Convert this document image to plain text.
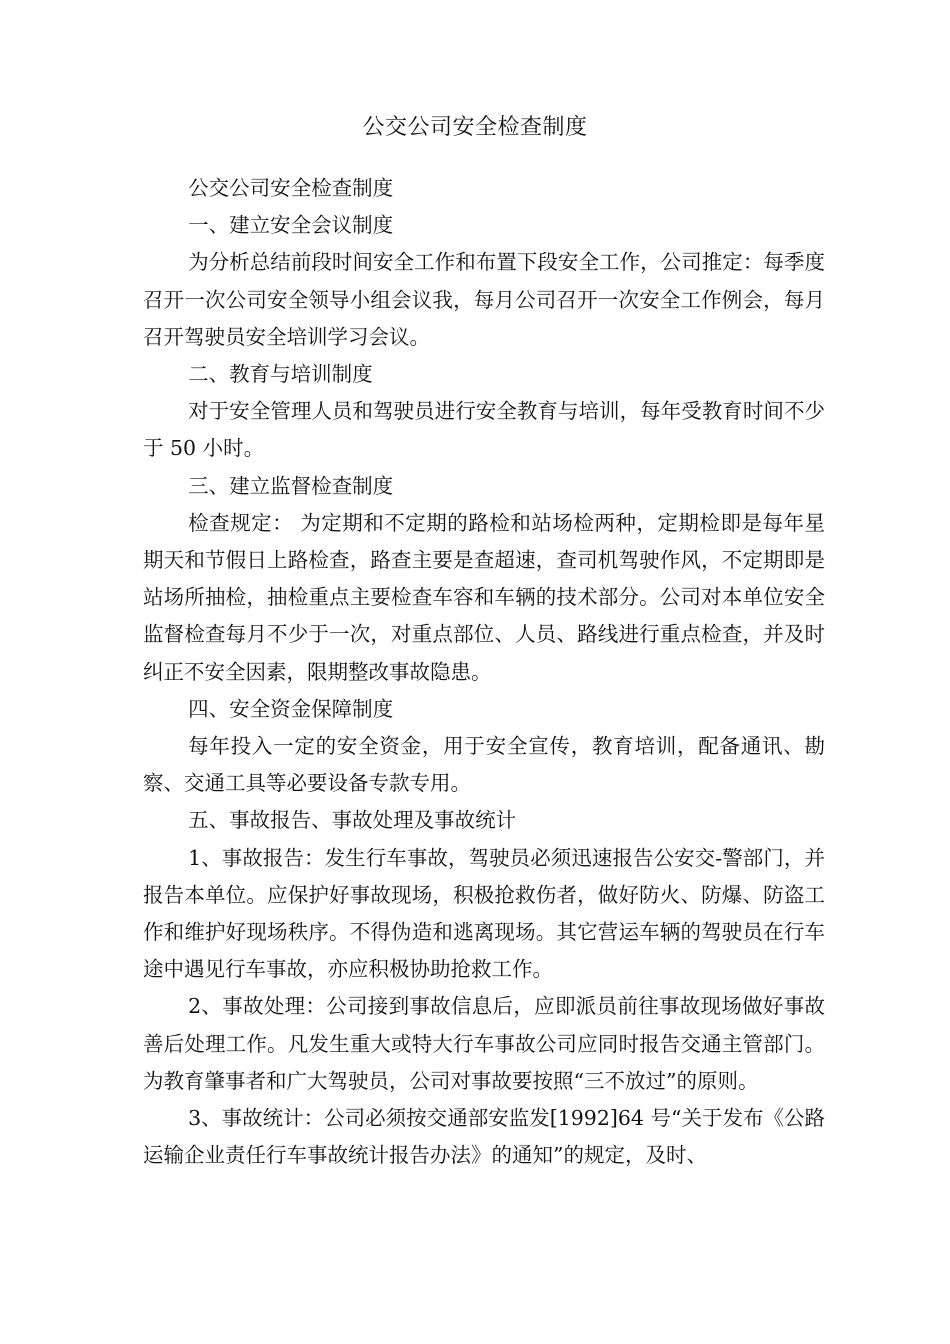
公交公司安全检查制度

公交公司安全检查制度

一、建立安全会议制度

为分析总结前段时间安全工作和布置下段安全工作，公司推定：每季度召开一次公司安全领导小组会议我，每月公司召开一次安全工作例会，每月召开驾驶员安全培训学习会议。

二、教育与培训制度

对于安全管理人员和驾驶员进行安全教育与培训，每年受教育时间不少于 50 小时。

三、建立监督检查制度

检查规定： 为定期和不定期的路检和站场检两种，定期检即是每年星期天和节假日上路检查，路查主要是查超速，查司机驾驶作风，不定期即是站场所抽检，抽检重点主要检查车容和车辆的技术部分。公司对本单位安全监督检查每月不少于一次，对重点部位、人员、路线进行重点检查，并及时纠正不安全因素，限期整改事故隐患。

四、安全资金保障制度

每年投入一定的安全资金，用于安全宣传，教育培训，配备通讯、勘察、交通工具等必要设备专款专用。

五、事故报告、事故处理及事故统计

1、事故报告：发生行车事故，驾驶员必须迅速报告公安交-警部门，并报告本单位。应保护好事故现场，积极抢救伤者，做好防火、防爆、防盗工作和维护好现场秩序。不得伪造和逃离现场。其它营运车辆的驾驶员在行车途中遇见行车事故，亦应积极协助抢救工作。

2、事故处理：公司接到事故信息后，应即派员前往事故现场做好事故善后处理工作。凡发生重大或特大行车事故公司应同时报告交通主管部门。为教育肇事者和广大驾驶员，公司对事故要按照“三不放过”的原则。

3、事故统计：公司必须按交通部安监发[1992]64 号“关于发布《公路运输企业责任行车事故统计报告办法》的通知”的规定，及时、
